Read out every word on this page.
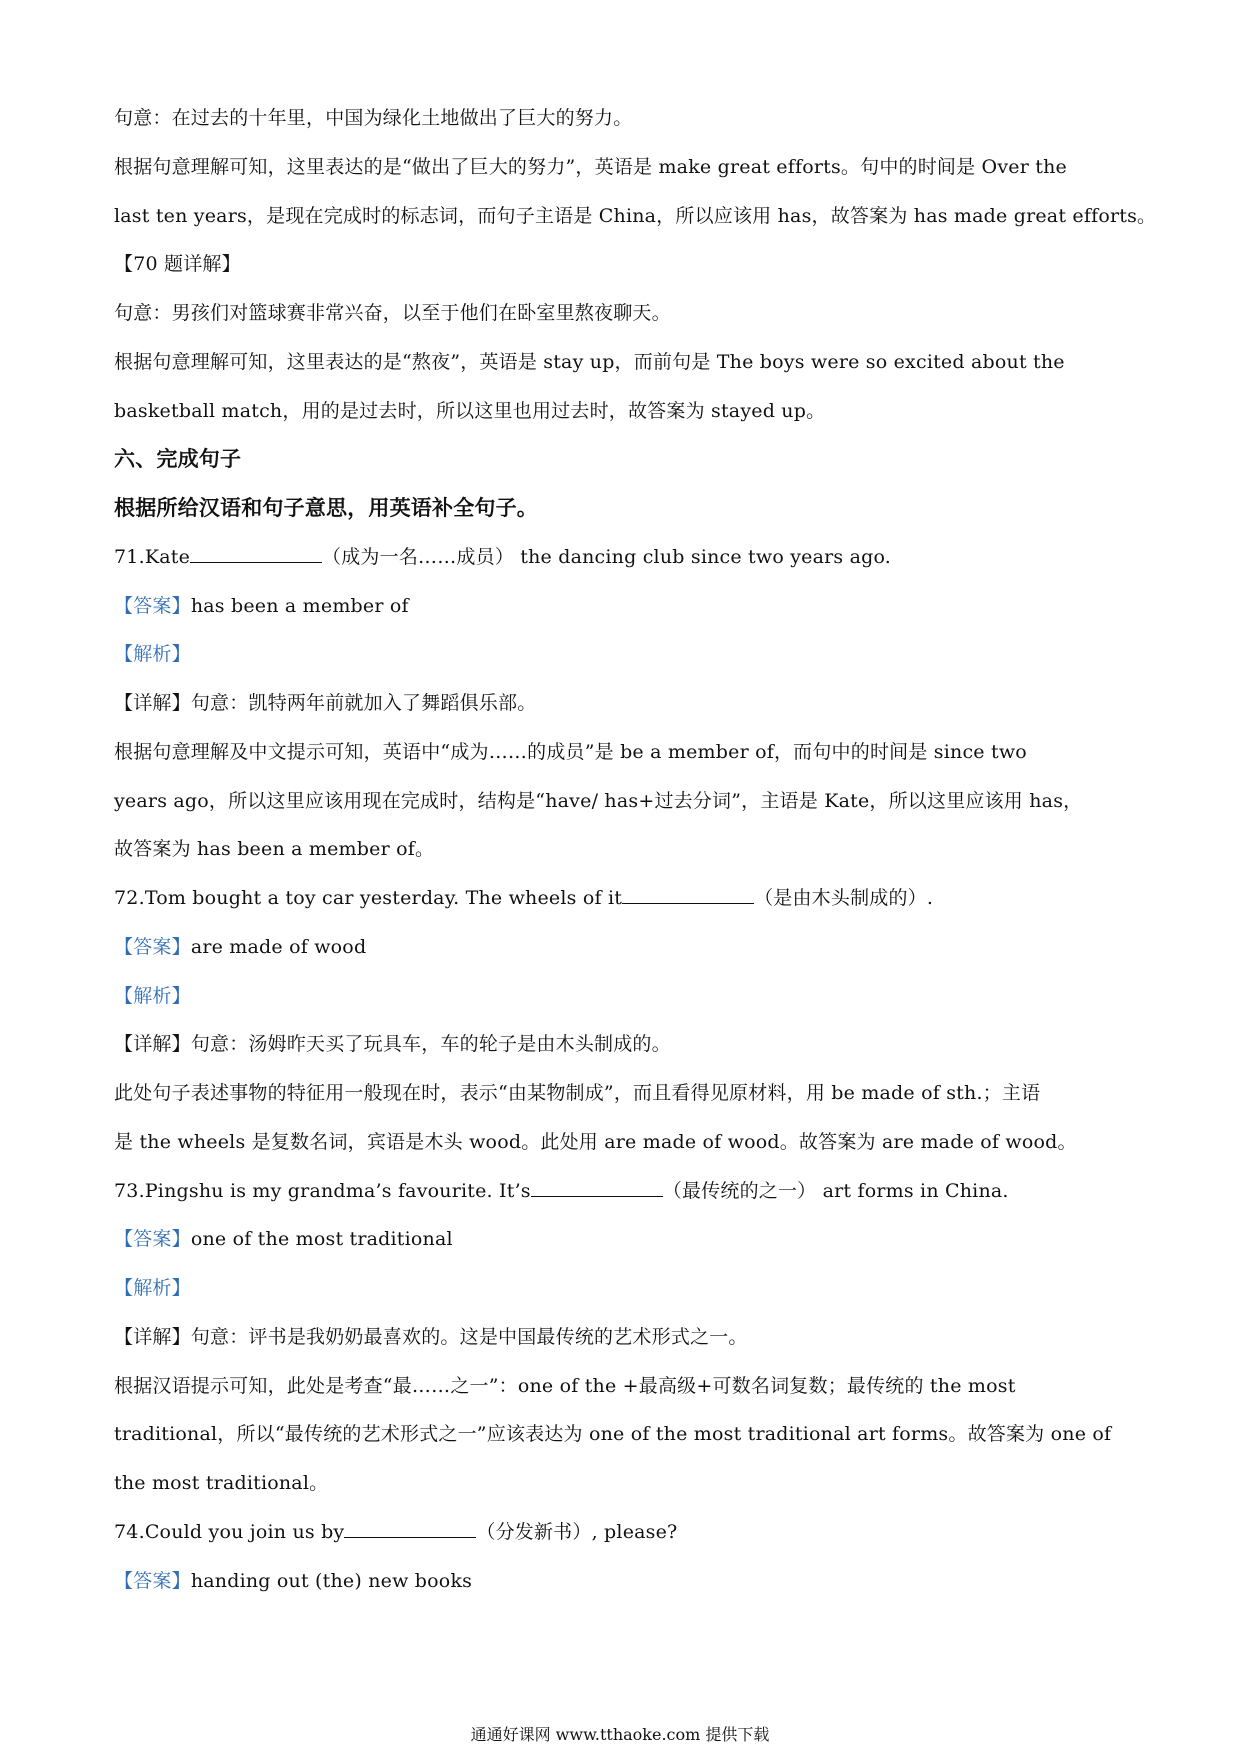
句意：在过去的十年里，中国为绿化土地做出了巨大的努力。
根据句意理解可知，这里表达的是“做出了巨大的努力”，英语是 make great efforts。句中的时间是 Over the
last ten years，是现在完成时的标志词，而句子主语是 China，所以应该用 has，故答案为 has made great efforts。
【70 题详解】
句意：男孩们对篮球赛非常兴奋，以至于他们在卧室里熬夜聊天。
根据句意理解可知，这里表达的是“熬夜”，英语是 stay up，而前句是 The boys were so excited about the
basketball match，用的是过去时，所以这里也用过去时，故答案为 stayed up。
六、完成句子
根据所给汉语和句子意思，用英语补全句子。
71.Kate	（成为一名……成员） the dancing club since two years ago.
【答案】has been a member of
【解析】
【详解】句意：凯特两年前就加入了舞蹈俱乐部。
根据句意理解及中文提示可知，英语中“成为……的成员”是 be a member of，而句中的时间是 since two
years ago，所以这里应该用现在完成时，结构是“have/ has+过去分词”，主语是 Kate，所以这里应该用 has，
故答案为 has been a member of。
72.Tom bought a toy car yesterday. The wheels of it	（是由木头制成的）.
【答案】are made of wood
【解析】
【详解】句意：汤姆昨天买了玩具车，车的轮子是由木头制成的。
此处句子表述事物的特征用一般现在时，表示“由某物制成”，而且看得见原材料，用 be made of sth.；主语
是 the wheels 是复数名词，宾语是木头 wood。此处用 are made of wood。故答案为 are made of wood。
73.Pingshu is my grandma’s favourite. It’s	（最传统的之一） art forms in China.
【答案】one of the most traditional
【解析】
【详解】句意：评书是我奶奶最喜欢的。这是中国最传统的艺术形式之一。
根据汉语提示可知，此处是考查“最……之一”：one of the +最高级+可数名词复数；最传统的 the most
traditional，所以“最传统的艺术形式之一”应该表达为 one of the most traditional art forms。故答案为 one of
the most traditional。
74.Could you join us by	（分发新书）, please?
【答案】handing out (the) new books
通通好课网 www.tthaoke.com 提供下载
